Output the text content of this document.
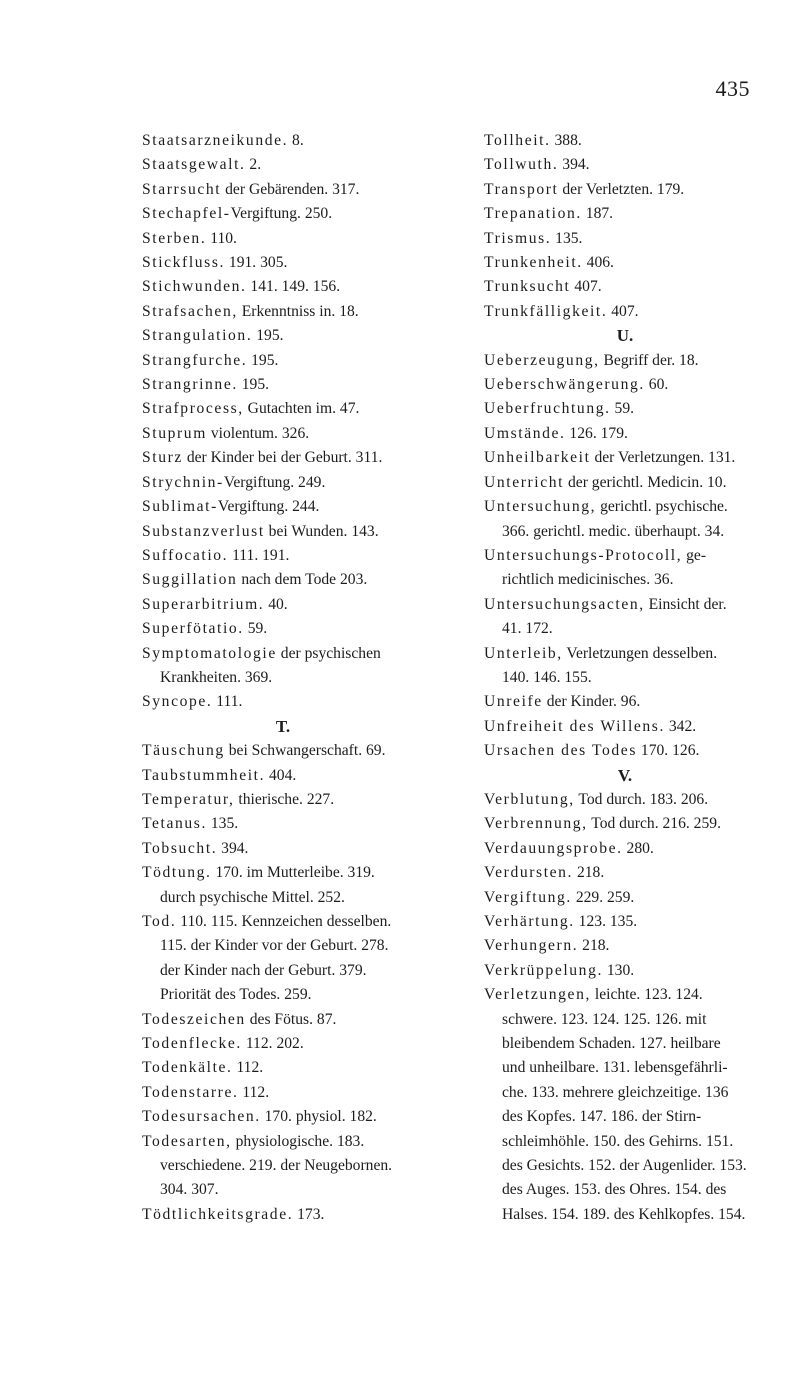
435
Staatsarzneikunde. 8.
Staatsgewalt. 2.
Starrsucht der Gebärenden. 317.
Stechapfel-Vergiftung. 250.
Sterben. 110.
Stickfluss. 191. 305.
Stichwunden. 141. 149. 156.
Strafsachen, Erkenntniss in. 18.
Strangulation. 195.
Strangfurche. 195.
Strangrinne. 195.
Strafprocess, Gutachten im. 47.
Stuprum violentum. 326.
Sturz der Kinder bei der Geburt. 311.
Strychnin-Vergiftung. 249.
Sublimat-Vergiftung. 244.
Substanzverlust bei Wunden. 143.
Suffocatio. 111. 191.
Suggillation nach dem Tode 203.
Superarbitrium. 40.
Superfötatio. 59.
Symptomatologie der psychischen
Krankheiten. 369.
Syncope. 111.
T.
Täuschung bei Schwangerschaft. 69.
Taubstummheit. 404.
Temperatur, thierische. 227.
Tetanus. 135.
Tobsucht. 394.
Tödtung. 170. im Mutterleibe. 319.
durch psychische Mittel. 252.
Tod. 110. 115. Kennzeichen desselben.
115. der Kinder vor der Geburt. 278.
der Kinder nach der Geburt. 379.
Priorität des Todes. 259.
Todeszeichen des Fötus. 87.
Todenflecke. 112. 202.
Todenkälte. 112.
Todenstarre. 112.
Todesursachen. 170. physiol. 182.
Todesarten, physiologische. 183.
verschiedene. 219. der Neugebornen.
304. 307.
Tödtlichkeitsgrade. 173.
Tollheit. 388.
Tollwuth. 394.
Transport der Verletzten. 179.
Trepanation. 187.
Trismus. 135.
Trunkenheit. 406.
Trunksucht 407.
Trunkfälligkeit. 407.
U.
Ueberzeugung, Begriff der. 18.
Ueberschwängerung. 60.
Ueberfruchtung. 59.
Umstände. 126. 179.
Unheilbarkeit der Verletzungen. 131.
Unterricht der gerichtl. Medicin. 10.
Untersuchung, gerichtl. psychische.
366. gerichtl. medic. überhaupt. 34.
Untersuchungs-Protocoll, ge-
richtlich medicinisches. 36.
Untersuchungsacten, Einsicht der.
41. 172.
Unterleib, Verletzungen desselben.
140. 146. 155.
Unreife der Kinder. 96.
Unfreiheit des Willens. 342.
Ursachen des Todes 170. 126.
V.
Verblutung, Tod durch. 183. 206.
Verbrennung, Tod durch. 216. 259.
Verdauungsprobe. 280.
Verdursten. 218.
Vergiftung. 229. 259.
Verhärtung. 123. 135.
Verhungern. 218.
Verkrüppelung. 130.
Verletzungen, leichte. 123. 124.
schwere. 123. 124. 125. 126. mit
bleibendem Schaden. 127. heilbare
und unheilbare. 131. lebensgefährli-
che. 133. mehrere gleichzeitige. 136
des Kopfes. 147. 186. der Stirn-
schleimhöhle. 150. des Gehirns. 151.
des Gesichts. 152. der Augenlider. 153.
des Auges. 153. des Ohres. 154. des
Halses. 154. 189. des Kehlkopfes. 154.
